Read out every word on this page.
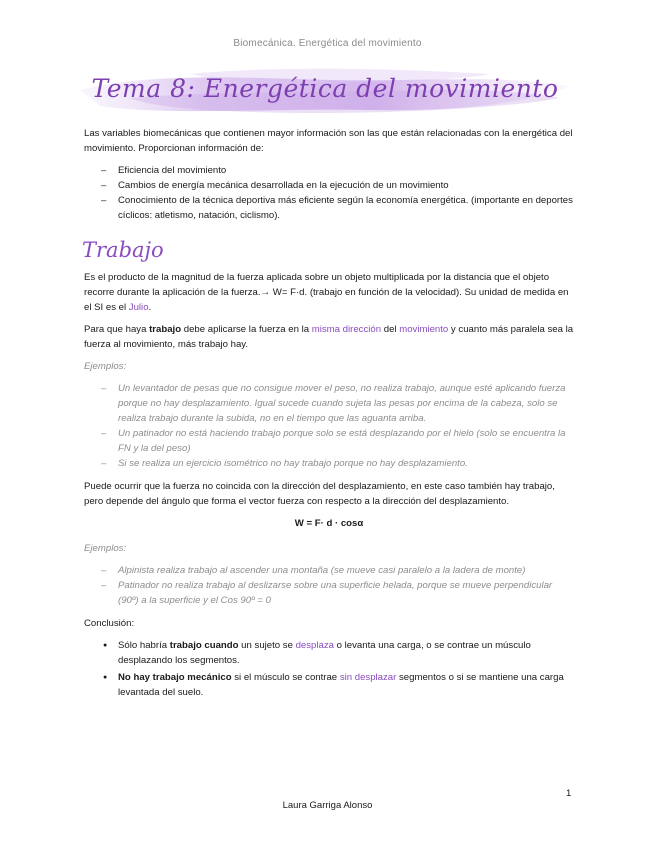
Biomecánica. Energética del movimiento
Tema 8: Energética del movimiento

Las variables biomecánicas que contienen mayor información son las que están relacionadas con la energética del movimiento. Proporcionan información de:

– Eficiencia del movimiento
– Cambios de energía mecánica desarrollada en la ejecución de un movimiento
– Conocimiento de la técnica deportiva más eficiente según la economía energética. (importante en deportes cíclicos: atletismo, natación, ciclismo).
Trabajo

Es el producto de la magnitud de la fuerza aplicada sobre un objeto multiplicada por la distancia que el objeto recorre durante la aplicación de la fuerza.→ W= F·d. (trabajo en función de la velocidad). Su unidad de medida en el SI es el Julio.

Para que haya trabajo debe aplicarse la fuerza en la misma dirección del movimiento y cuanto más paralela sea la fuerza al movimiento, más trabajo hay.

Ejemplos:

– Un levantador de pesas que no consigue mover el peso, no realiza trabajo, aunque esté aplicando fuerza porque no hay desplazamiento. Igual sucede cuando sujeta las pesas por encima de la cabeza, solo se realiza trabajo durante la subida, no en el tiempo que las aguanta arriba.
– Un patinador no está haciendo trabajo porque solo se está desplazando por el hielo (solo se encuentra la FN y la del peso)
– Si se realiza un ejercicio isométrico no hay trabajo porque no hay desplazamiento.

Puede ocurrir que la fuerza no coincida con la dirección del desplazamiento, en este caso también hay trabajo, pero depende del ángulo que forma el vector fuerza con respecto a la dirección del desplazamiento.

W = F· d · cosα

Ejemplos:

– Alpinista realiza trabajo al ascender una montaña (se mueve casi paralelo a la ladera de monte)
– Patinador no realiza trabajo al deslizarse sobre una superficie helada, porque se mueve perpendicular (90º) a la superficie y el Cos 90º = 0

Conclusión:

● Sólo habría trabajo cuando un sujeto se desplaza o levanta una carga, o se contrae un músculo desplazando los segmentos.
● No hay trabajo mecánico si el músculo se contrae sin desplazar segmentos o si se mantiene una carga levantada del suelo.
1
Laura Garriga Alonso
